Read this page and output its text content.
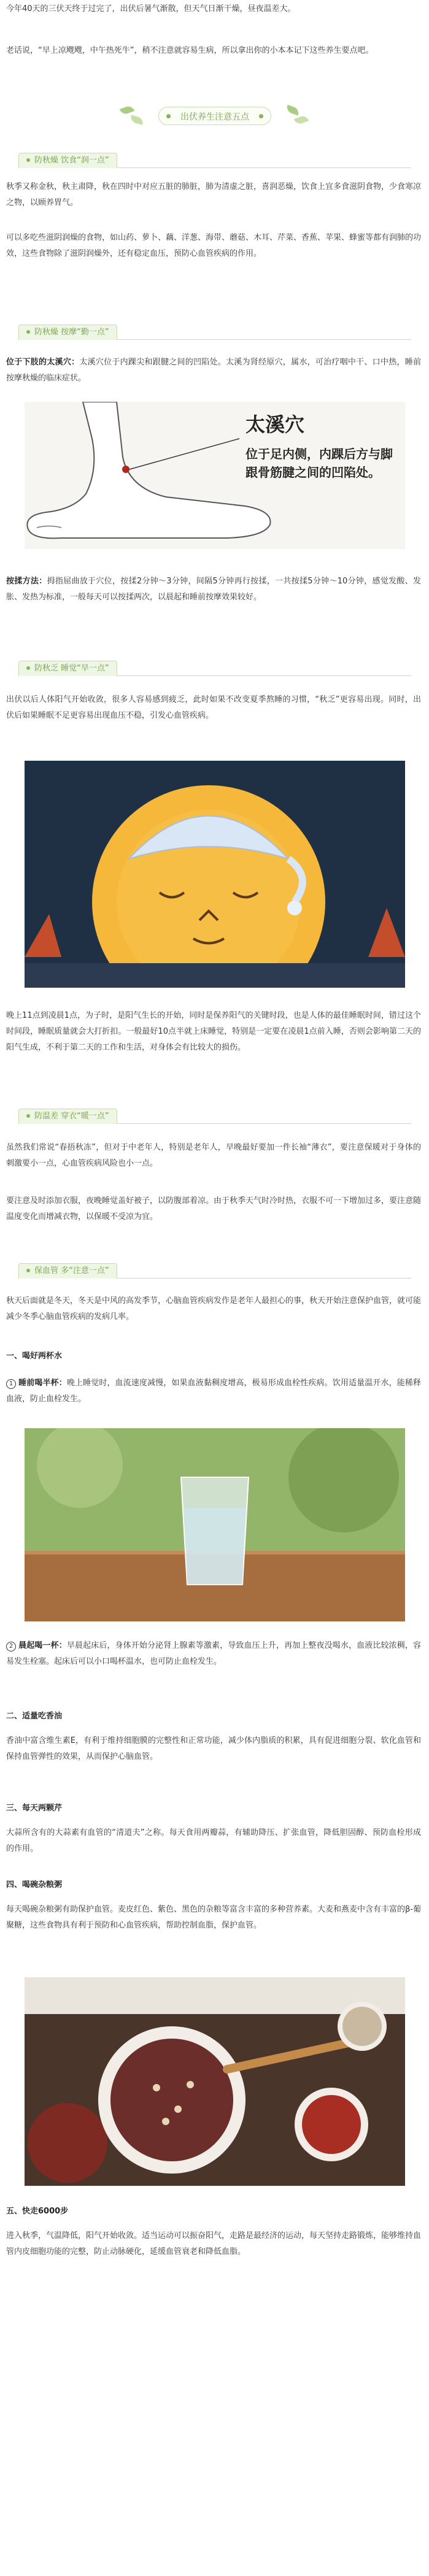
今年40天的三伏天终于过完了，出伏后暑气渐散，但天气日渐干燥，昼夜温差大。
老话说，“早上凉飕飕，中午热死牛”，稍不注意就容易生病，所以拿出你的小本本记下这些养生要点吧。
出伏养生注意五点
防秋燥 饮食“润一点”
秋季又称金秋，秋主肃降，秋在四时中对应五脏的肺脏，肺为清虚之脏，喜润恶燥，饮食上宜多食滋阴食物，少食寒凉之物，以顾养胃气。
可以多吃些滋阴润燥的食物，如山药、萝卜、藕、洋葱、海带、蘑菇、木耳、芹菜、香蕉、苹果、蜂蜜等都有润肺的功效，这些食物除了滋阴润燥外，还有稳定血压，预防心血管疾病的作用。
防秋燥 按摩“勤一点”
位于下肢的太溪穴：太溪穴位于内踝尖和跟腱之间的凹陷处。太溪为肾经原穴，属水，可治疗咽中干、口中热，睡前按摩秋燥的临床症状。
太溪穴
位于足内侧，内踝后方与脚跟骨筋腱之间的凹陷处。
按揉方法：拇指屈曲放于穴位，按揉2分钟～3分钟，间隔5分钟再行按揉，一共按揉5分钟～10分钟，感觉发酸、发胀、发热为标准，一般每天可以按揉两次，以晨起和睡前按摩效果较好。
防秋乏 睡觉“早一点”
出伏以后人体阳气开始收敛，很多人容易感到疲乏，此时如果不改变夏季熬睡的习惯，“秋乏”更容易出现。同时，出伏后如果睡眠不足更容易出现血压不稳，引发心血管疾病。
晚上11点到凌晨1点，为子时，是阳气生长的开始，同时是保养阳气的关键时段，也是人体的最佳睡眠时间，错过这个时间段，睡眠质量就会大打折扣。一般最好10点半就上床睡觉，特别是一定要在凌晨1点前入睡，否则会影响第二天的阳气生成，不利于第二天的工作和生活，对身体会有比较大的损伤。
防温差 穿衣“暖一点”
虽然我们常说“春捂秋冻”，但对于中老年人，特别是老年人，早晚最好要加一件长袖“薄衣”，要注意保暖对于身体的刺激要小一点，心血管疾病风险也小一点。
要注意及时添加衣服，夜晚睡觉盖好被子，以防腹部着凉。由于秋季天气时冷时热，衣服不可一下增加过多，要注意随温度变化而增减衣物，以保暖不受凉为宜。
保血管 多“注意一点”
秋天后面就是冬天，冬天是中风的高发季节，心脑血管疾病发作是老年人最担心的事，秋天开始注意保护血管，就可能减少冬季心脑血管疾病的发病几率。
一、喝好两杯水
1 睡前喝半杯：晚上睡觉时，血流速度减慢，如果血液黏稠度增高，极易形成血栓性疾病。饮用适量温开水，能稀释血液，防止血栓发生。
2 晨起喝一杯：早晨起床后，身体开始分泌肾上腺素等激素，导致血压上升，再加上整夜没喝水，血液比较浓稠，容易发生栓塞。起床后可以小口喝杯温水，也可防止血栓发生。
二、适量吃香油
香油中富含维生素E，有利于维持细胞膜的完整性和正常功能，减少体内脂质的积累，具有促进细胞分裂、软化血管和保持血管弹性的效果，从而保护心脑血管。
三、每天两颗芹
大蒜所含有的大蒜素有血管的“清道夫”之称。每天食用两瓣蒜，有辅助降压、扩张血管，降低胆固醇、预防血栓形成的作用。
四、喝碗杂粮粥
每天喝碗杂粮粥有助保护血管。麦皮红色、紫色、黑色的杂粮等富含丰富的多种营养素。大麦和燕麦中含有丰富的β-葡聚糖，这些食物具有利于预防和心血管疾病，帮助控制血脂，保护血管。
五、快走6000步
进入秋季，气温降低，阳气开始收敛。适当运动可以振奋阳气，走路是最经济的运动，每天坚持走路锻炼，能够维持血管内皮细胞功能的完整，防止动脉硬化，延缓血管衰老和降低血脂。
